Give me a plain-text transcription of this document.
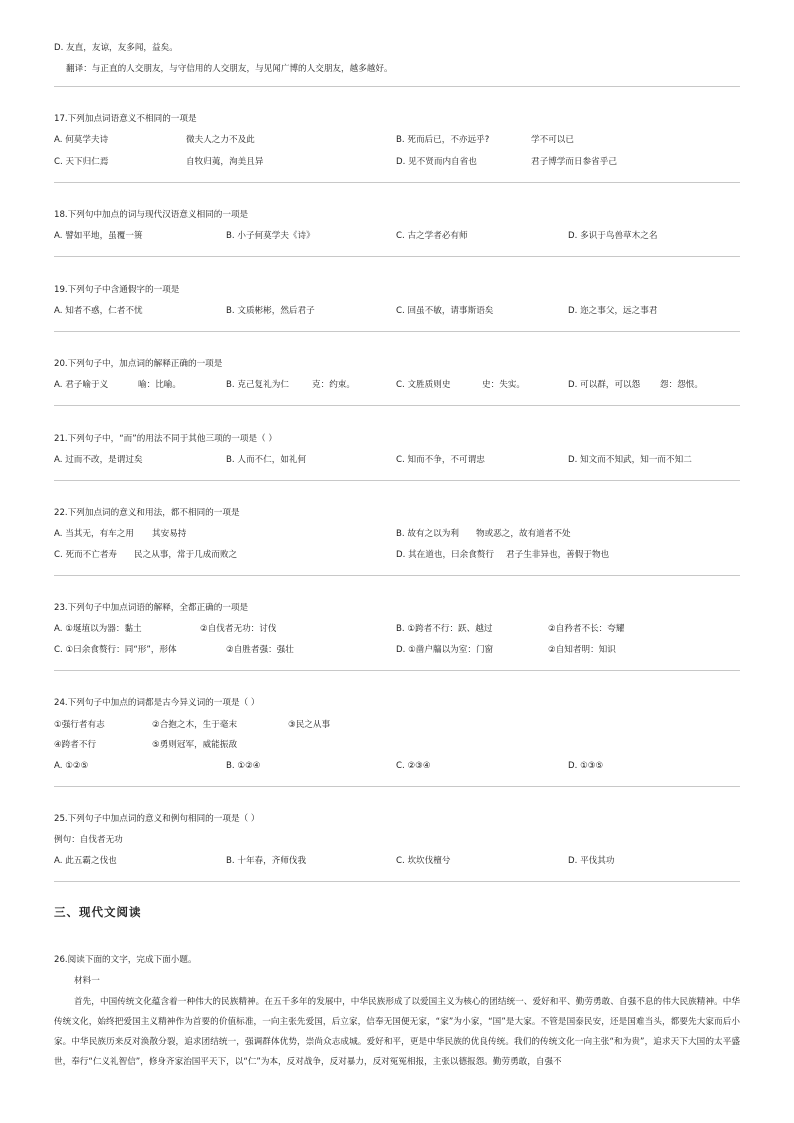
D. 友直，友谅，友多闻，益矣。
翻译：与正直的人交朋友，与守信用的人交朋友，与见闻广博的人交朋友，越多越好。
17.下列加点词语意义不相同的一项是
A. 何莫学夫诗	微夫人之力不及此	B. 死而后已，不亦远乎?	学不可以已
C. 天下归仁焉	自牧归荑，洵美且异	D. 见不贤而内自省也	君子博学而日参省乎己
18.下列句中加点的词与现代汉语意义相同的一项是
A. 譬如平地，虽覆一篑	B. 小子何莫学夫《诗》	C. 古之学者必有师	D. 多识于鸟兽草木之名
19.下列句子中含通假字的一项是
A. 知者不惑，仁者不忧	B. 文质彬彬，然后君子	C. 回虽不敏，请事斯语矣	D. 迩之事父，远之事君
20.下列句子中，加点词的解释正确的一项是
A. 君子喻于义	喻：比喻。	B. 克己复礼为仁	克：约束。	C. 文胜质则史	史：失实。	D. 可以群，可以怨 怨：怨恨。
21.下列句子中，“而”的用法不同于其他三项的一项是（ ）
A. 过而不改，是谓过矣	B. 人而不仁，如礼何	C. 知而不争，不可谓忠	D. 知文而不知武，知一而不知二
22.下列加点词的意义和用法，都不相同的一项是
A. 当其无，有车之用 其安易持	B. 故有之以为利 物或恶之，故有道者不处
C. 死而不亡者寿 民之从事，常于几成而败之	D. 其在道也，曰余食赘行 君子生非异也，善假于物也
23.下列句子中加点词语的解释，全都正确的一项是
A. ①埏埴以为器：黏土	②自伐者无功：讨伐	B. ①跨者不行：跃、越过	②自矜者不长：夸耀
C. ①曰余食赘行：同“形”，形体	②自胜者强：强壮	D. ①凿户牖以为室：门窗	②自知者明：知识
24.下列句子中加点的词都是古今异义词的一项是（ ）
①强行者有志	②合抱之木，生于毫末	③民之从事
④跨者不行	⑤勇则冠军，威能振敌
A. ①②⑤	B. ①②④	C. ②③④	D. ①③⑤
25.下列句子中加点词的意义和例句相同的一项是（ ）
例句：自伐者无功
A. 此五霸之伐也	B. 十年春，齐师伐我	C. 坎坎伐檀兮	D. 平伐其功
三、现代文阅读
26.阅读下面的文字，完成下面小题。
材料一
首先，中国传统文化蕴含着一种伟大的民族精神。在五千多年的发展中，中华民族形成了以爱国主义为核心的团结统一、爱好和平、勤劳勇敢、自强不息的伟大民族精神。中华传统文化，始终把爱国主义精神作为首要的价值标准，一向主张先爱国，后立家，信奉无国便无家，“家”为小家，“国”是大家。不管是国泰民安，还是国难当头，都要先大家而后小家。中华民族历来反对涣散分裂，追求团结统一，强调群体优势，崇尚众志成城。爱好和平，更是中华民族的优良传统。我们的传统文化一向主张“和为贵”，追求天下大国的太平盛世，奉行“仁义礼智信”，修身齐家治国平天下，以“仁”为本，反对战争，反对暴力，反对冤冤相报，主张以德报怨。勤劳勇敢，自强不
